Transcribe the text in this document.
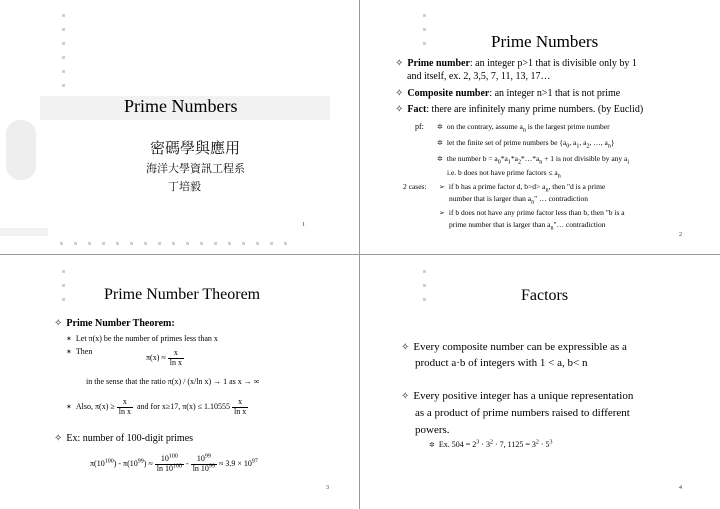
Prime Numbers
密碼學與應用
海洋大學資訊工程系
丁培毅
1
Prime Numbers
✧ Prime number: an integer p>1 that is divisible only by 1
and itself, ex. 2, 3,5, 7, 11, 13, 17…
✧ Composite number: an integer n>1 that is not prime
✧ Fact: there are infinitely many prime numbers. (by Euclid)
pf: ✲ on the contrary, assume $a_n$ is the largest prime number
✲ let the finite set of prime numbers be {$a_0$, $a_1$, $a_2$, …, $a_n$}
✲ the number $b = a_0*a_1*a_2*\dots*a_n + 1$ is not divisible by any $a_i$
i.e. b does not have prime factors ≤ $a_n$
2 cases: ➢ if b has a prime factor d, $b>d> a_n$, then "d is a prime
number that is larger than $a_n$" … contradiction
➢ if b does not have any prime factor less than b, then "b is a
prime number that is larger than $a_n"\dots$ contradiction
2
Prime Number Theorem
✧ Prime Number Theorem:
✶ Let π(x) be the number of primes less than x
✶ Then
$\pi(x) \approx \frac{x}{\text{ln x}}$
in the sense that the ratio π(x) / (x/ln x) → 1 as x → ∞
✶ Also, $\pi(x) \ge \frac{x}{\text{ln x}}$ and for x≥17, $\pi(x) \le 1.10555 \frac{x}{\text{ln x}}$
✧ Ex: number of 100-digit primes
$\pi(10^{100}) - \pi(10^{99}) \approx \frac{10^{100}}{\ln 10^{100}} - \frac{10^{99}}{\ln 10^{99}} \approx 3.9 \times 10^{97}$
3
Factors
✧ Every composite number can be expressible as a
product a·b of integers with 1 < a, b< n
✧ Every positive integer has a unique representation
as a product of prime numbers raised to different
powers.
✲ Ex. $504 = 2^3 \cdot 3^2 \cdot 7$, $1125 = 3^2 \cdot 5^3$
4
